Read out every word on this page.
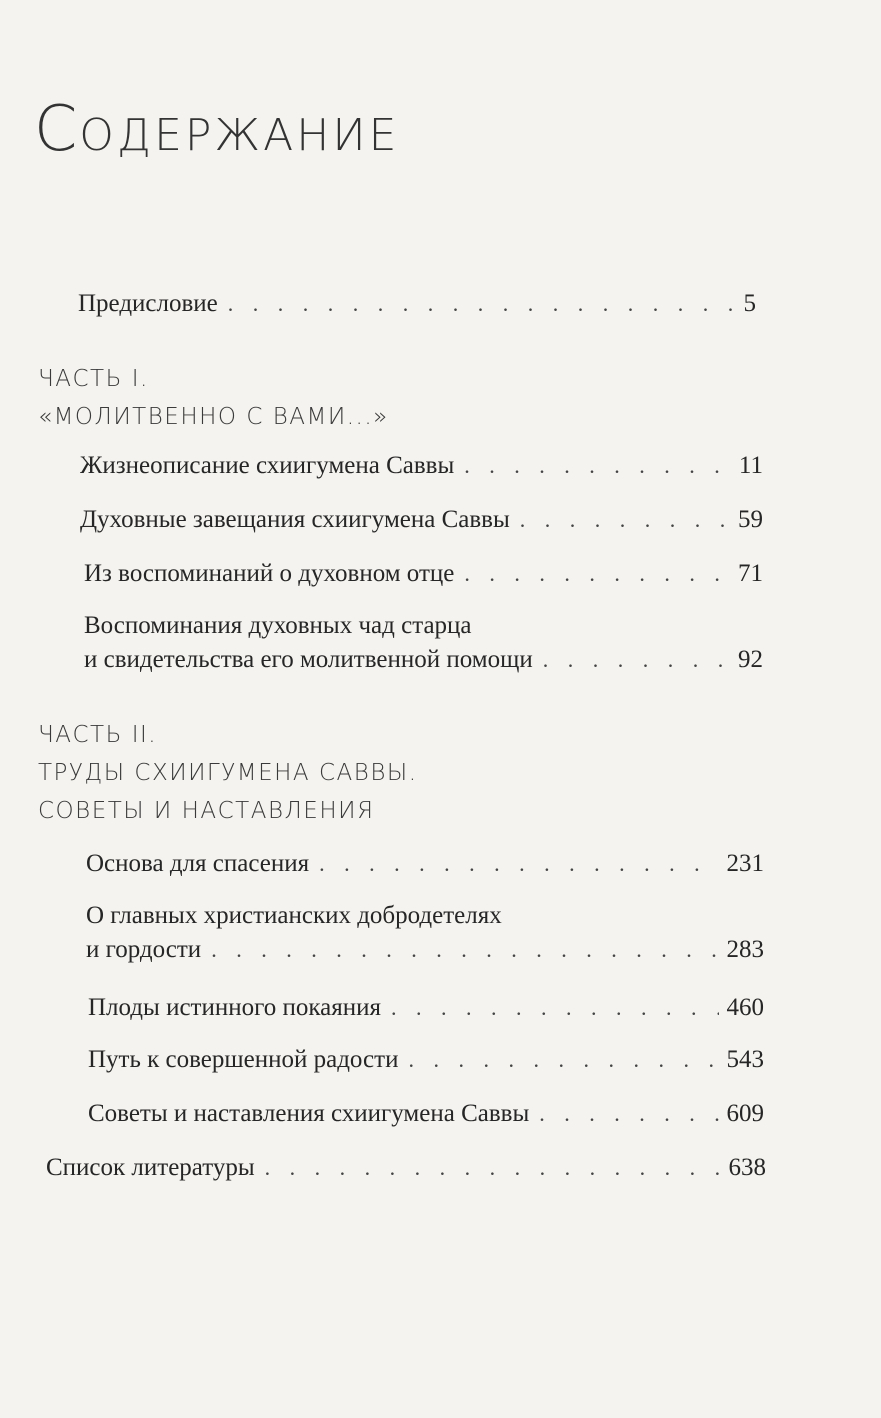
СОДЕРЖАНИЕ
Предисловие . . .	5
ЧАСТЬ I.
«МОЛИТВЕННО С ВАМИ...»
Жизнеописание схиигумена Саввы . . .	11
Духовные завещания схиигумена Саввы . . .	59
Из воспоминаний о духовном отце . . .	71
Воспоминания духовных чад старца
и свидетельства его молитвенной помощи . . .	92
ЧАСТЬ II.
ТРУДЫ СХИИГУМЕНА САВВЫ.
СОВЕТЫ И НАСТАВЛЕНИЯ
Основа для спасения . . .	231
О главных христианских добродетелях
и гордости . . .	283
Плоды истинного покаяния . . .	460
Путь к совершенной радости . . .	543
Советы и наставления схиигумена Саввы . . .	609
Список литературы . . .	638
